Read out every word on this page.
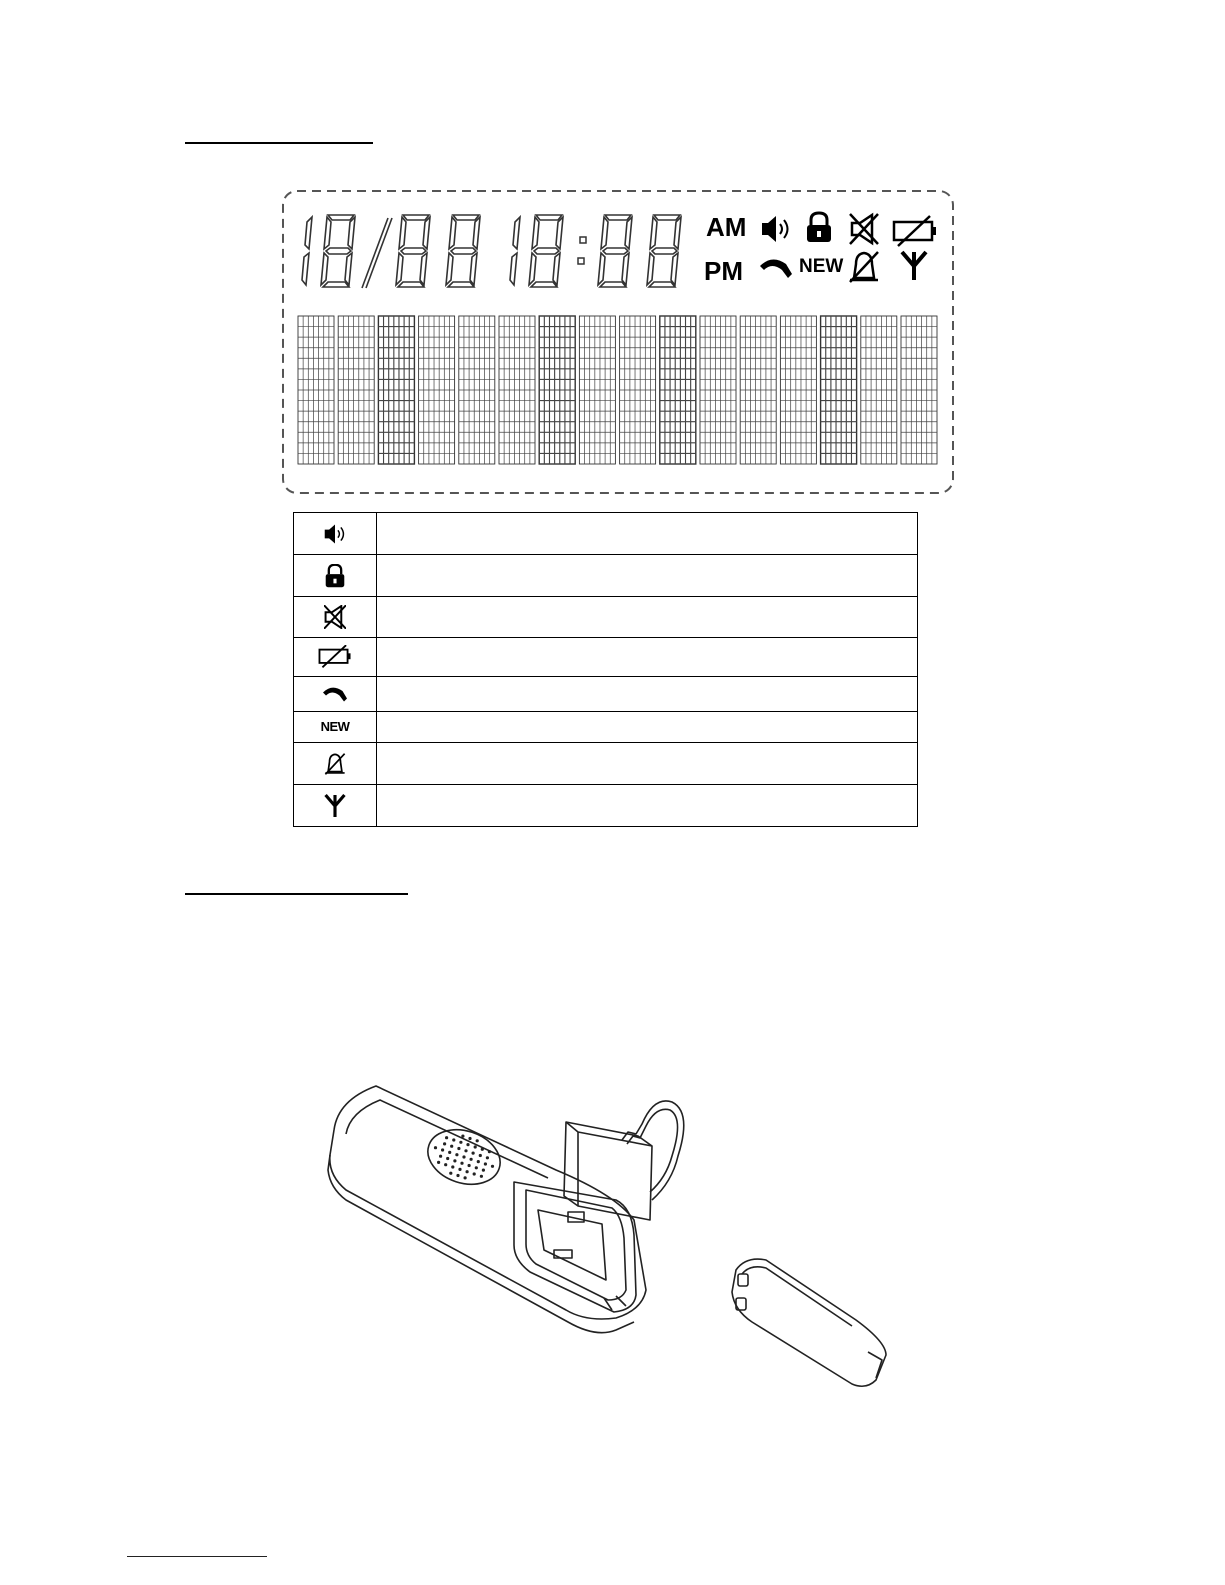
AM
PM	NEW

NEW	
